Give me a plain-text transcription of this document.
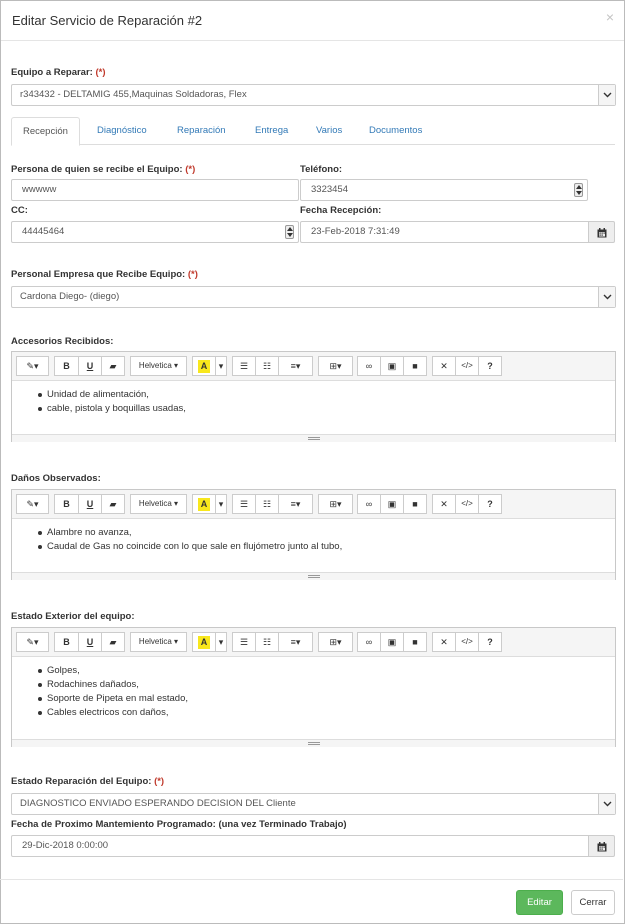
Editar Servicio de Reparación #2	×
Equipo a Reparar: (*)
r343432 - DELTAMIG 455,Maquinas Soldadoras, Flex
Recepción	Diagnóstico	Reparación	Entrega	Varios	Documentos
Persona de quien se recibe el Equipo: (*)
wwwww
Teléfono:
3323454
CC:
44445464
Fecha Recepción:
23-Feb-2018 7:31:49
Personal Empresa que Recibe Equipo: (*)
Cardona Diego- (diego)
Accesorios Recibidos:
✎▾	B	U	▰	Helvetica ▾	A	▾	☰	☷	≡▾	⊞▾	∞	▣	■	✕	</>	?
Unidad de alimentación,
cable, pistola y boquillas usadas,
Daños Observados:
✎▾	B	U	▰	Helvetica ▾	A	▾	☰	☷	≡▾	⊞▾	∞	▣	■	✕	</>	?
Alambre no avanza,
Caudal de Gas no coincide con lo que sale en flujómetro junto al tubo,
Estado Exterior del equipo:
✎▾	B	U	▰	Helvetica ▾	A	▾	☰	☷	≡▾	⊞▾	∞	▣	■	✕	</>	?
Golpes,
Rodachines dañados,
Soporte de Pipeta en mal estado,
Cables electricos con daños,
Estado Reparación del Equipo: (*)
DIAGNOSTICO ENVIADO ESPERANDO DECISION DEL Cliente
Fecha de Proximo Mantemiento Programado: (una vez Terminado Trabajo)
29-Dic-2018 0:00:00
Editar	Cerrar
